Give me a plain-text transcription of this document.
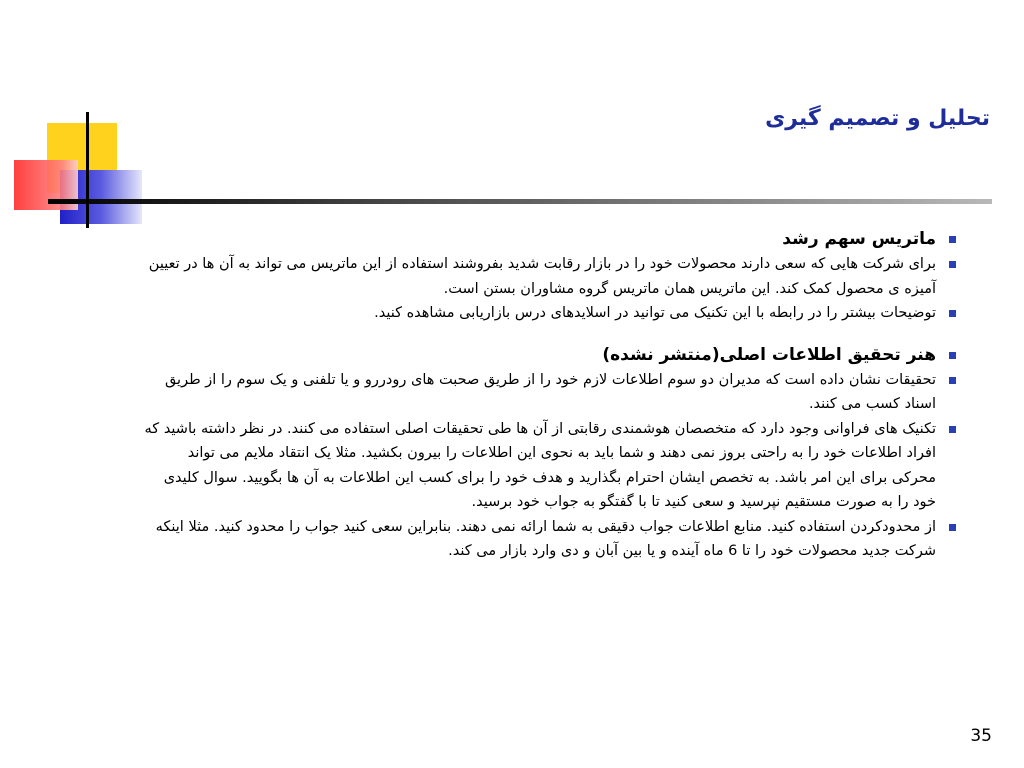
تحلیل و تصمیم گیری
ماتریس سهم رشد
برای شرکت هایی که سعی دارند محصولات خود را در بازار رقابت شدید بفروشند استفاده از این ماتریس می تواند به آن ها در تعیین آمیزه ی محصول کمک کند. این ماتریس همان ماتریس گروه مشاوران بستن است.
توضیحات بیشتر را در رابطه با این تکنیک می توانید در اسلایدهای درس بازاریابی مشاهده کنید.
هنر تحقیق اطلاعات اصلی(منتشر نشده)
تحقیقات نشان داده است که مدیران دو سوم اطلاعات لازم خود را از طریق صحبت های رودررو و یا تلفنی و یک سوم را از طریق اسناد کسب می کنند.
تکنیک های فراوانی وجود دارد که متخصصان هوشمندی رقابتی از آن ها طی تحقیقات اصلی استفاده می کنند. در نظر داشته باشید که افراد اطلاعات خود را به راحتی بروز نمی دهند و شما باید به نحوی این اطلاعات را بیرون بکشید. مثلا یک انتقاد ملایم می تواند محرکی برای این امر باشد. به تخصص ایشان احترام بگذارید و هدف خود را برای کسب این اطلاعات به آن ها بگویید. سوال کلیدی خود را به صورت مستقیم نپرسید و سعی کنید تا با گفتگو به جواب خود برسید.
از محدودکردن استفاده کنید. منابع اطلاعات جواب دقیقی به شما ارائه نمی دهند. بنابراین سعی کنید جواب را محدود کنید. مثلا اینکه شرکت جدید محصولات خود را تا 6 ماه آینده و یا بین آبان و دی وارد بازار می کند.
35
